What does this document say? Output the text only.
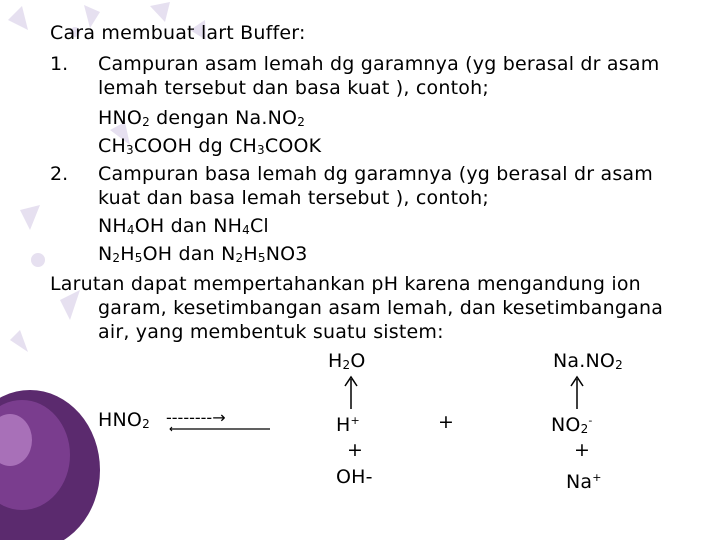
Cara membuat lart Buffer:
1. Campuran asam lemah dg garamnya (yg berasal dr asam
lemah tersebut dan basa kuat ), contoh;
HNO2 dengan Na.NO2
CH3COOH dg CH3COOK
2. Campuran basa lemah dg garamnya (yg berasal dr asam
kuat dan basa lemah tersebut ), contoh;
NH4OH dan NH4Cl
N2H5OH dan N2H5NO3
Larutan dapat mempertahankan pH karena mengandung ion
garam, kesetimbangan asam lemah, dan kesetimbangana
air, yang membentuk suatu sistem:
H2O	Na.NO2
HNO2 --------→	H+	+	NO2-
+	+
OH-	Na+
